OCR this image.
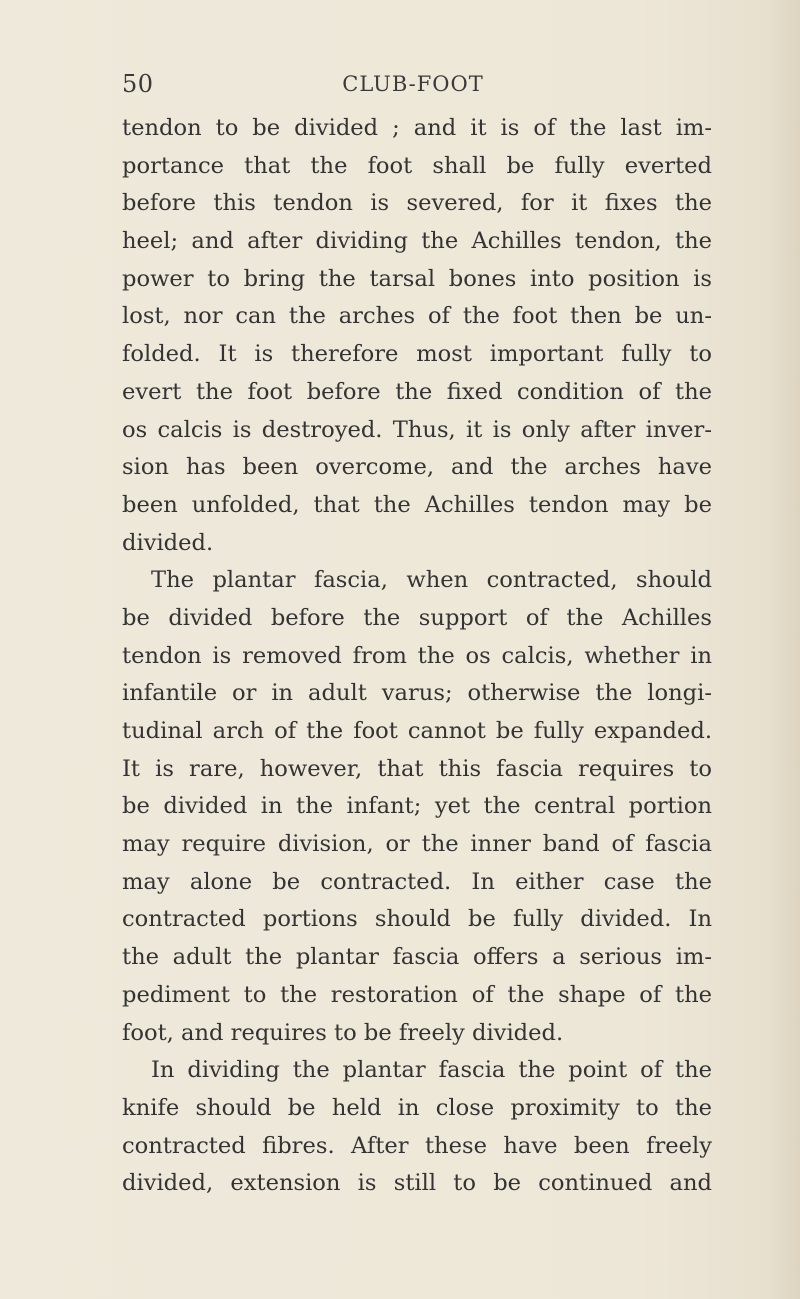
50	CLUB-FOOT
tendon to be divided ; and it is of the last im-
portance that the foot shall be fully everted
before this tendon is severed, for it fixes the
heel; and after dividing the Achilles tendon, the
power to bring the tarsal bones into position is
lost, nor can the arches of the foot then be un-
folded. It is therefore most important fully to
evert the foot before the fixed condition of the
os calcis is destroyed. Thus, it is only after inver-
sion has been overcome, and the arches have
been unfolded, that the Achilles tendon may be
divided.
The plantar fascia, when contracted, should
be divided before the support of the Achilles
tendon is removed from the os calcis, whether in
infantile or in adult varus; otherwise the longi-
tudinal arch of the foot cannot be fully expanded.
It is rare, however, that this fascia requires to
be divided in the infant; yet the central portion
may require division, or the inner band of fascia
may alone be contracted. In either case the
contracted portions should be fully divided. In
the adult the plantar fascia offers a serious im-
pediment to the restoration of the shape of the
foot, and requires to be freely divided.
In dividing the plantar fascia the point of the
knife should be held in close proximity to the
contracted fibres. After these have been freely
divided, extension is still to be continued and
